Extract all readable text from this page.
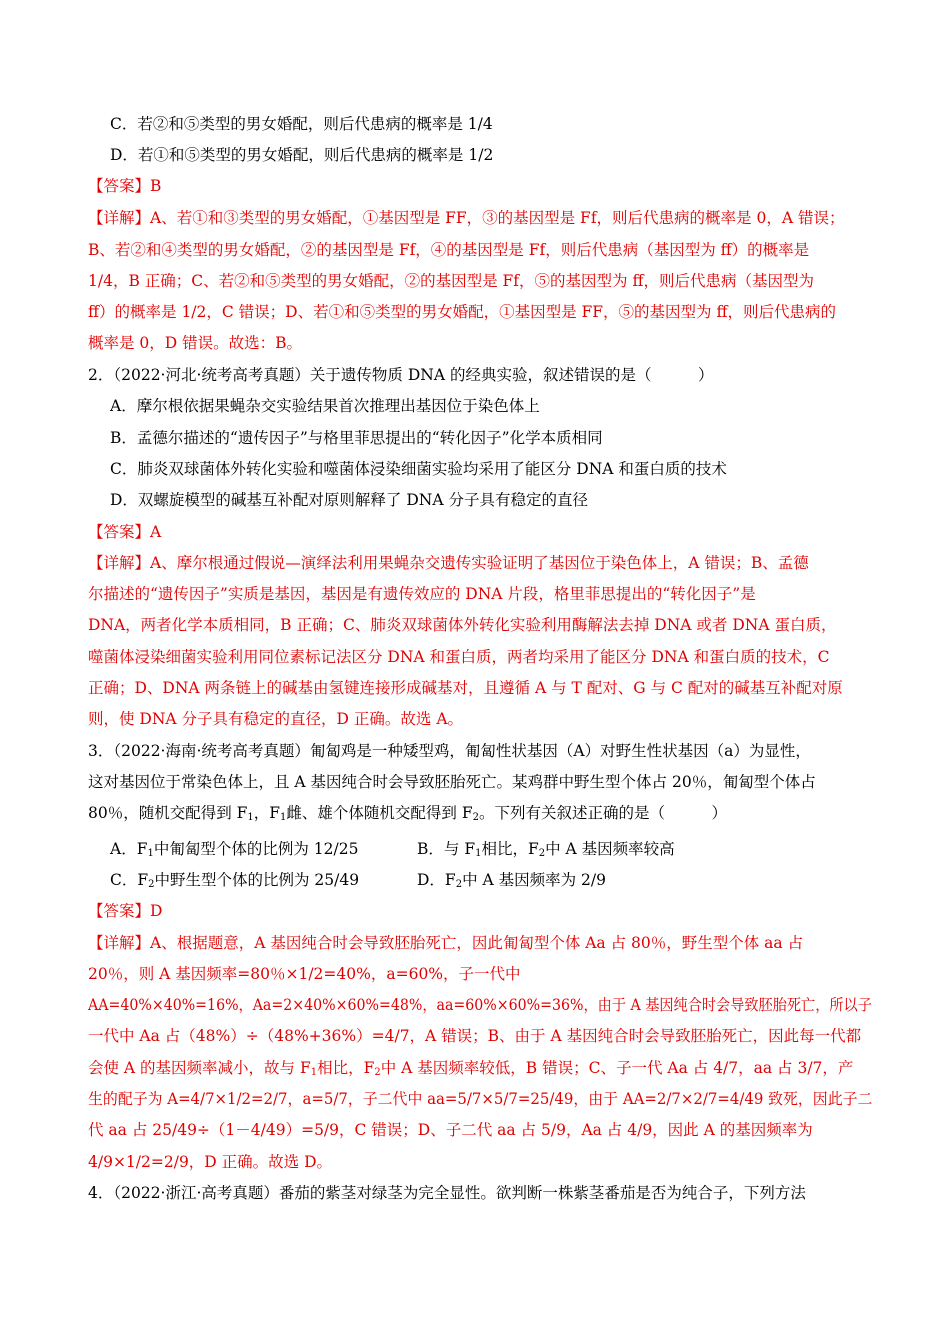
C．若②和⑤类型的男女婚配，则后代患病的概率是 1/4
D．若①和⑤类型的男女婚配，则后代患病的概率是 1/2
【答案】B
【详解】A、若①和③类型的男女婚配，①基因型是 FF，③的基因型是 Ff，则后代患病的概率是 0，A 错误；
B、若②和④类型的男女婚配，②的基因型是 Ff，④的基因型是 Ff，则后代患病（基因型为 ff）的概率是
1/4，B 正确；C、若②和⑤类型的男女婚配，②的基因型是 Ff，⑤的基因型为 ff，则后代患病（基因型为
ff）的概率是 1/2，C 错误；D、若①和⑤类型的男女婚配，①基因型是 FF，⑤的基因型为 ff，则后代患病的
概率是 0，D 错误。故选：B。
2．（2022·河北·统考高考真题）关于遗传物质 DNA 的经典实验，叙述错误的是（　　　）
A．摩尔根依据果蝇杂交实验结果首次推理出基因位于染色体上
B．孟德尔描述的“遗传因子”与格里菲思提出的“转化因子”化学本质相同
C．肺炎双球菌体外转化实验和噬菌体浸染细菌实验均采用了能区分 DNA 和蛋白质的技术
D．双螺旋模型的碱基互补配对原则解释了 DNA 分子具有稳定的直径
【答案】A
【详解】A、摩尔根通过假说—演绎法利用果蝇杂交遗传实验证明了基因位于染色体上，A 错误；B、孟德
尔描述的“遗传因子”实质是基因，基因是有遗传效应的 DNA 片段，格里菲思提出的“转化因子”是
DNA，两者化学本质相同，B 正确；C、肺炎双球菌体外转化实验利用酶解法去掉 DNA 或者 DNA 蛋白质，
噬菌体浸染细菌实验利用同位素标记法区分 DNA 和蛋白质，两者均采用了能区分 DNA 和蛋白质的技术，C
正确；D、DNA 两条链上的碱基由氢键连接形成碱基对，且遵循 A 与 T 配对、G 与 C 配对的碱基互补配对原
则，使 DNA 分子具有稳定的直径，D 正确。故选 A。
3．（2022·海南·统考高考真题）匍匐鸡是一种矮型鸡，匍匐性状基因（A）对野生性状基因（a）为显性，
这对基因位于常染色体上，且 A 基因纯合时会导致胚胎死亡。某鸡群中野生型个体占 20％，匍匐型个体占
80％，随机交配得到 $F_1$，$F_1$雌、雄个体随机交配得到 $F_2$。下列有关叙述正确的是（　　　）
A．$F_1$中匍匐型个体的比例为 12/25	B．与 $F_1$相比，$F_2$中 A 基因频率较高
C．$F_2$中野生型个体的比例为 25/49	D．$F_2$中 A 基因频率为 2/9
【答案】D
【详解】A、根据题意，A 基因纯合时会导致胚胎死亡，因此匍匐型个体 Aa 占 80％，野生型个体 aa 占
20％，则 A 基因频率=80％×1/2=40%，a=60%，子一代中
AA=40%×40%=16%，Aa=2×40%×60%=48%，aa=60%×60%=36%，由于 A 基因纯合时会导致胚胎死亡，所以子
一代中 Aa 占（48%）÷（48%+36%）=4/7，A 错误；B、由于 A 基因纯合时会导致胚胎死亡，因此每一代都
会使 A 的基因频率减小，故与 $F_1$相比，$F_2$中 A 基因频率较低，B 错误；C、子一代 Aa 占 4/7，aa 占 3/7，产
生的配子为 A=4/7×1/2=2/7，a=5/7，子二代中 aa=5/7×5/7=25/49，由于 AA=2/7×2/7=4/49 致死，因此子二
代 aa 占 25/49÷（1－4/49）=5/9，C 错误；D、子二代 aa 占 5/9，Aa 占 4/9，因此 A 的基因频率为
4/9×1/2=2/9，D 正确。故选 D。
4．（2022·浙江·高考真题）番茄的紫茎对绿茎为完全显性。欲判断一株紫茎番茄是否为纯合子，下列方法
